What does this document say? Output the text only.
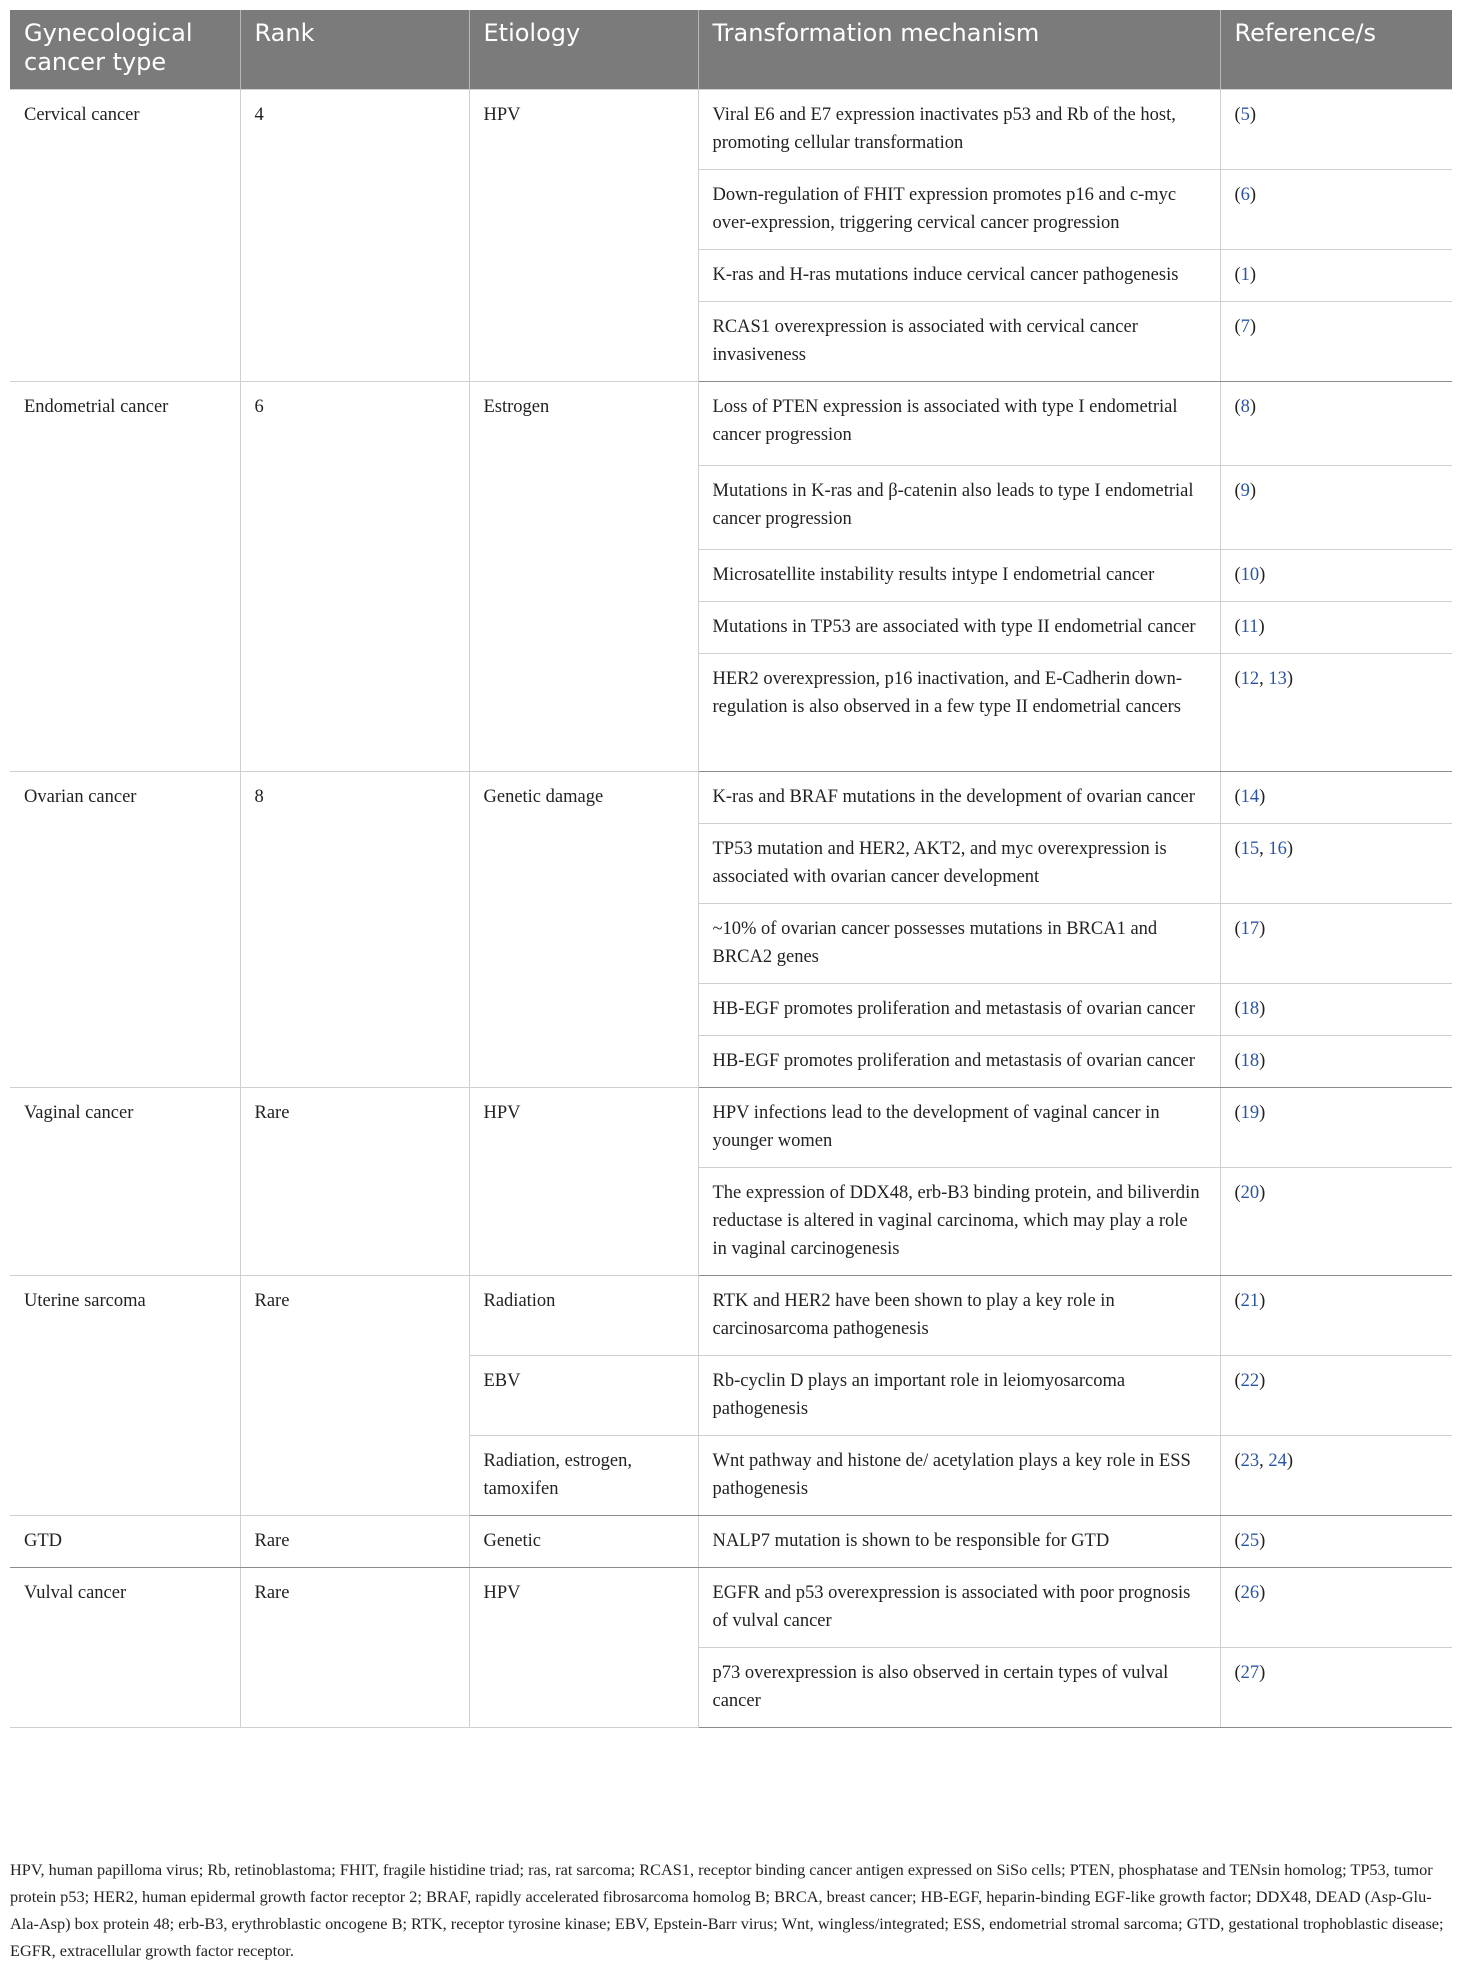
Gynecological cancer type	Rank	Etiology	Transformation mechanism	Reference/s
Cervical cancer	4	HPV	Viral E6 and E7 expression inactivates p53 and Rb of the host, promoting cellular transformation	(5)
			Down-regulation of FHIT expression promotes p16 and c-myc over-expression, triggering cervical cancer progression	(6)
			K-ras and H-ras mutations induce cervical cancer pathogenesis	(1)
			RCAS1 overexpression is associated with cervical cancer invasiveness	(7)
Endometrial cancer	6	Estrogen	Loss of PTEN expression is associated with type I endometrial cancer progression	(8)
			Mutations in K-ras and β-catenin also leads to type I endometrial cancer progression	(9)
			Microsatellite instability results intype I endometrial cancer	(10)
			Mutations in TP53 are associated with type II endometrial cancer	(11)
			HER2 overexpression, p16 inactivation, and E-Cadherin down- regulation is also observed in a few type II endometrial cancers	(12, 13)
Ovarian cancer	8	Genetic damage	K-ras and BRAF mutations in the development of ovarian cancer	(14)
			TP53 mutation and HER2, AKT2, and myc overexpression is associated with ovarian cancer development	(15, 16)
			~10% of ovarian cancer possesses mutations in BRCA1 and BRCA2 genes	(17)
			HB-EGF promotes proliferation and metastasis of ovarian cancer	(18)
			HB-EGF promotes proliferation and metastasis of ovarian cancer	(18)
Vaginal cancer	Rare	HPV	HPV infections lead to the development of vaginal cancer in younger women	(19)
			The expression of DDX48, erb-B3 binding protein, and biliverdin reductase is altered in vaginal carcinoma, which may play a role in vaginal carcinogenesis	(20)
Uterine sarcoma	Rare	Radiation	RTK and HER2 have been shown to play a key role in carcinosarcoma pathogenesis	(21)
		EBV	Rb-cyclin D plays an important role in leiomyosarcoma pathogenesis	(22)
		Radiation, estrogen, tamoxifen	Wnt pathway and histone de/ acetylation plays a key role in ESS pathogenesis	(23, 24)
GTD	Rare	Genetic	NALP7 mutation is shown to be responsible for GTD	(25)
Vulval cancer	Rare	HPV	EGFR and p53 overexpression is associated with poor prognosis of vulval cancer	(26)
			p73 overexpression is also observed in certain types of vulval cancer	(27)
HPV, human papilloma virus; Rb, retinoblastoma; FHIT, fragile histidine triad; ras, rat sarcoma; RCAS1, receptor binding cancer antigen expressed on SiSo cells; PTEN, phosphatase and TENsin homolog; TP53, tumor protein p53; HER2, human epidermal growth factor receptor 2; BRAF, rapidly accelerated fibrosarcoma homolog B; BRCA, breast cancer; HB-EGF, heparin-binding EGF-like growth factor; DDX48, DEAD (Asp-Glu-Ala-Asp) box protein 48; erb-B3, erythroblastic oncogene B; RTK, receptor tyrosine kinase; EBV, Epstein-Barr virus; Wnt, wingless/integrated; ESS, endometrial stromal sarcoma; GTD, gestational trophoblastic disease; EGFR, extracellular growth factor receptor.
